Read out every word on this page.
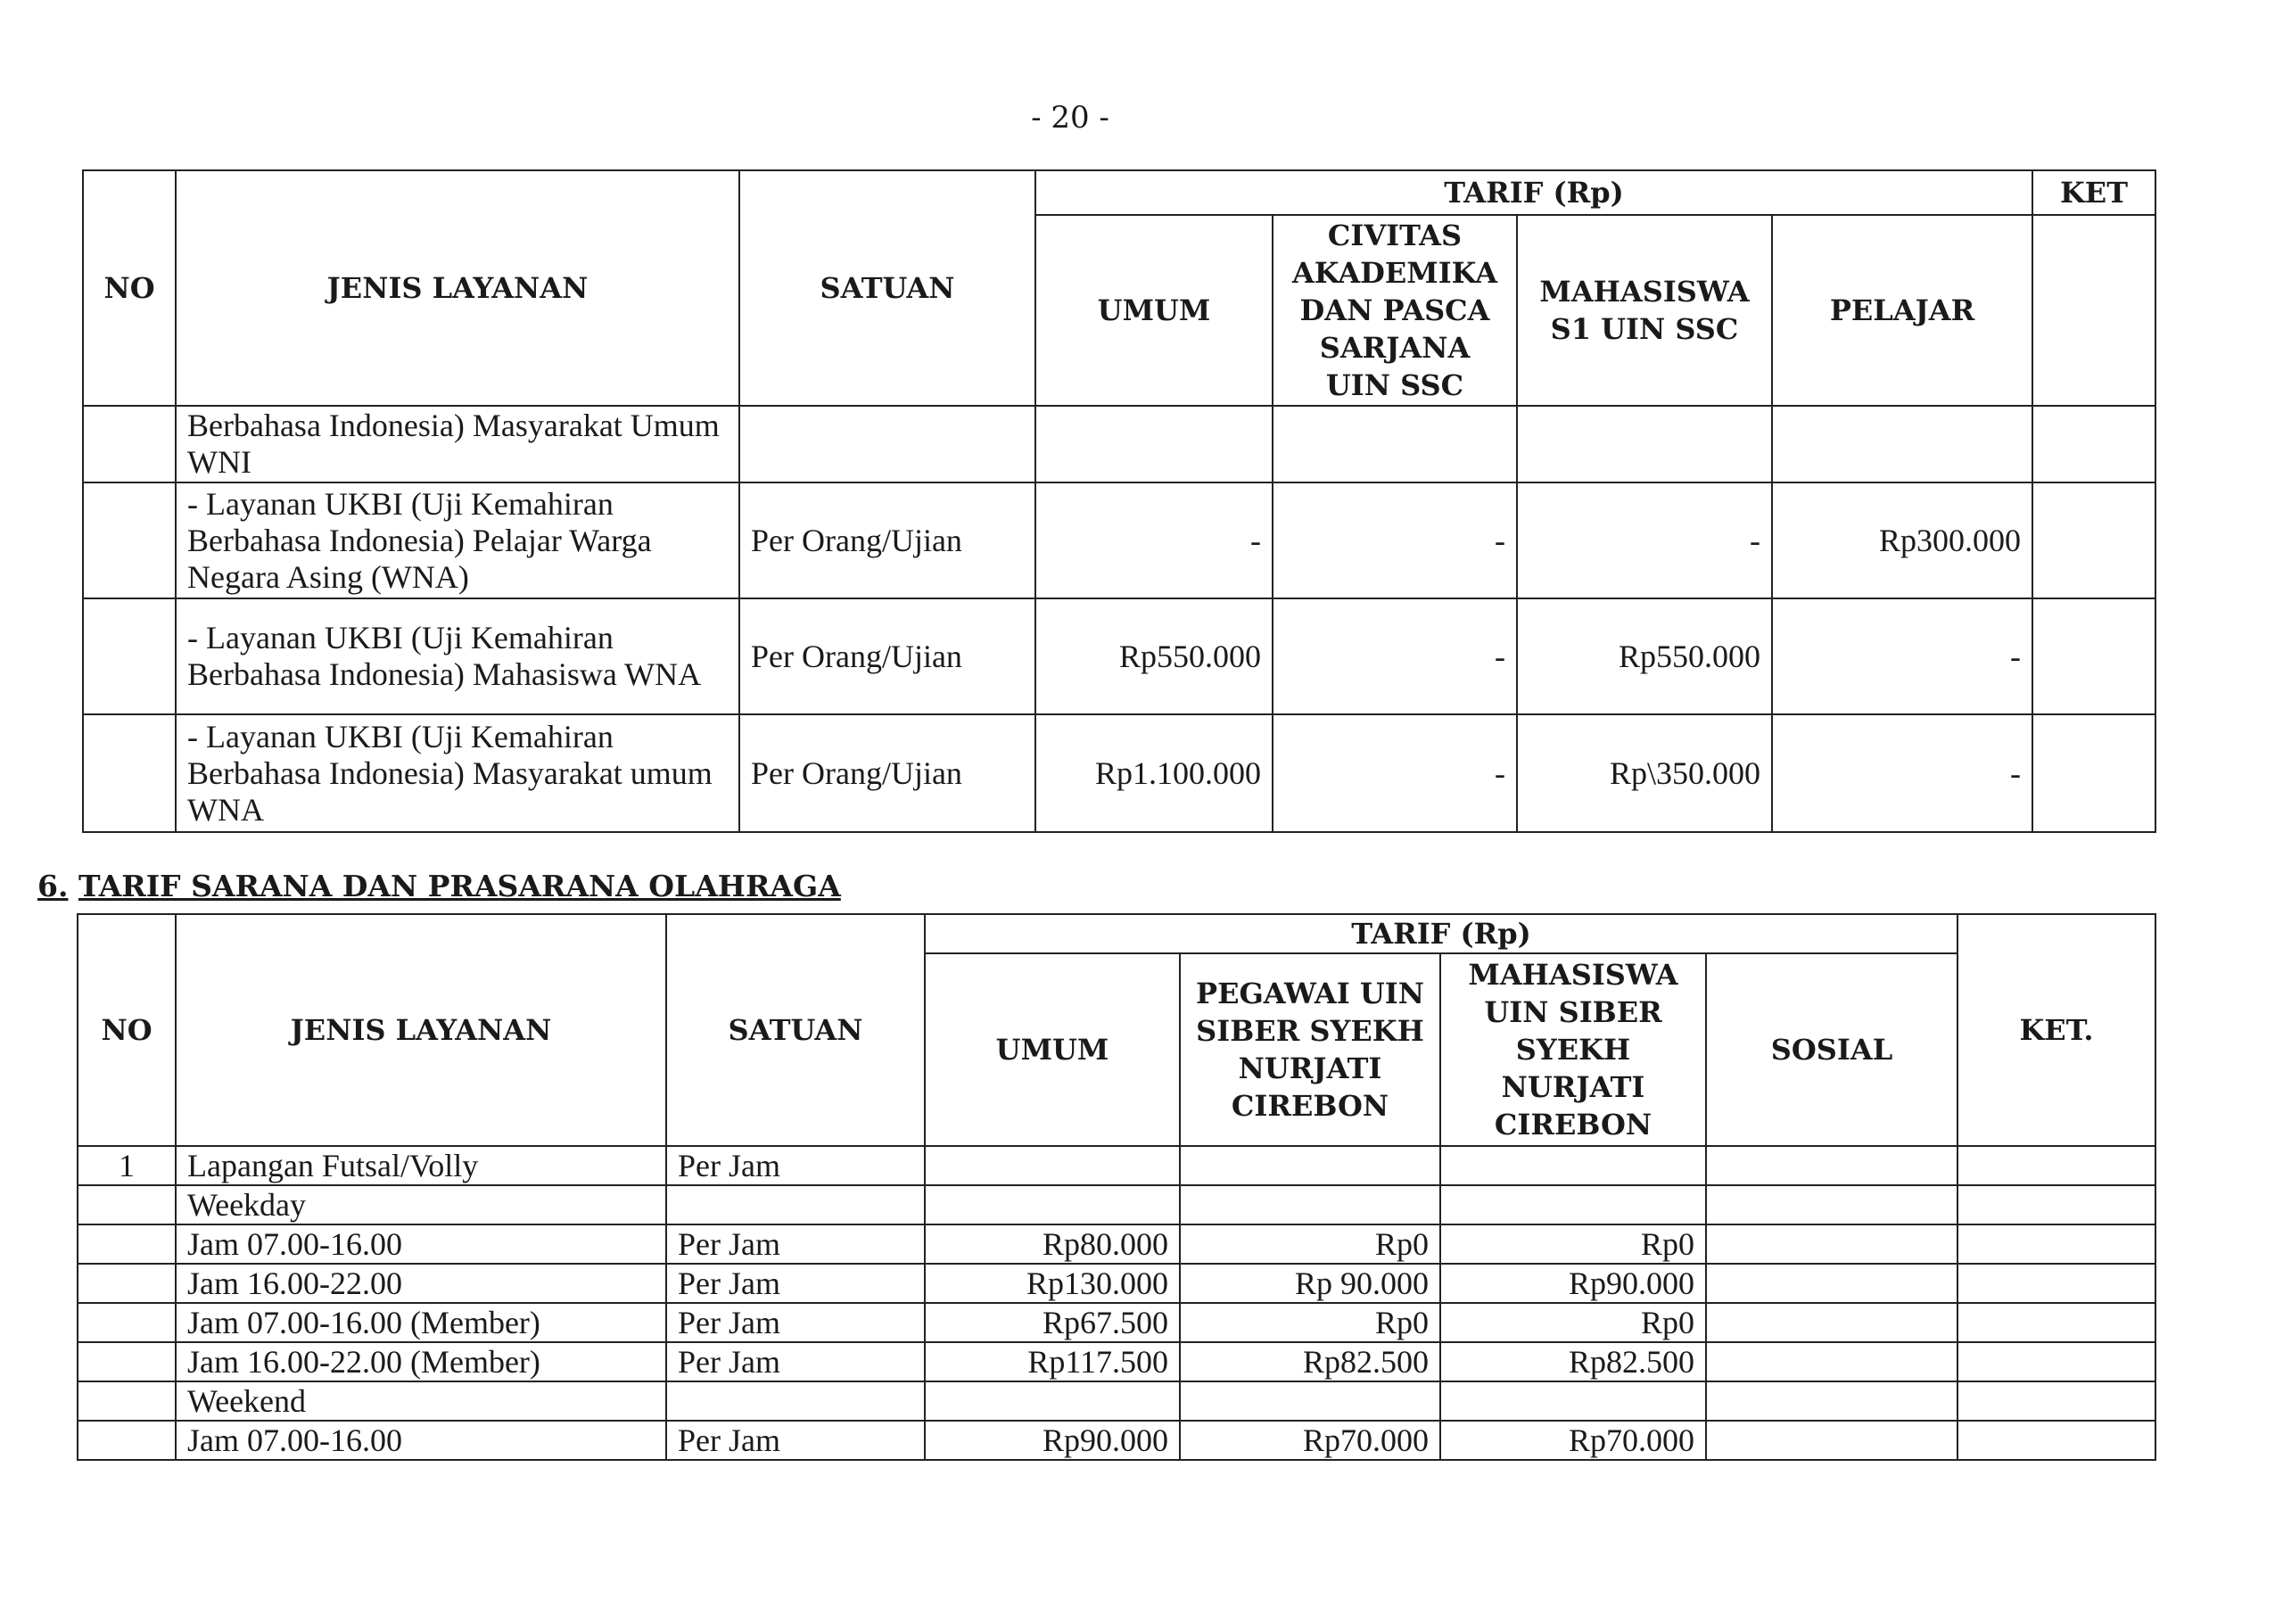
- 20 -
NO	JENIS LAYANAN	SATUAN	TARIF (Rp)				KET
			UMUM	CIVITAS AKADEMIKA DAN PASCA SARJANA UIN SSC	MAHASISWA S1 UIN SSC	PELAJAR	
	Berbahasa Indonesia) Masyarakat Umum WNI						
	- Layanan UKBI (Uji Kemahiran Berbahasa Indonesia) Pelajar Warga Negara Asing (WNA)	Per Orang/Ujian	-	-	-	Rp300.000	
	- Layanan UKBI (Uji Kemahiran Berbahasa Indonesia) Mahasiswa WNA	Per Orang/Ujian	Rp550.000	-	Rp550.000	-	
	- Layanan UKBI (Uji Kemahiran Berbahasa Indonesia) Masyarakat umum WNA	Per Orang/Ujian	Rp1.100.000	-	Rp\350.000	-	
6. TARIF SARANA DAN PRASARANA OLAHRAGA
NO	JENIS LAYANAN	SATUAN	TARIF (Rp)				KET.
			UMUM	PEGAWAI UIN SIBER SYEKH NURJATI CIREBON	MAHASISWA UIN SIBER SYEKH NURJATI CIREBON	SOSIAL	
1	Lapangan Futsal/Volly	Per Jam					
	Weekday						
	Jam 07.00-16.00	Per Jam	Rp80.000	Rp0	Rp0		
	Jam 16.00-22.00	Per Jam	Rp130.000	Rp 90.000	Rp90.000		
	Jam 07.00-16.00 (Member)	Per Jam	Rp67.500	Rp0	Rp0		
	Jam 16.00-22.00 (Member)	Per Jam	Rp117.500	Rp82.500	Rp82.500		
	Weekend						
	Jam 07.00-16.00	Per Jam	Rp90.000	Rp70.000	Rp70.000		
